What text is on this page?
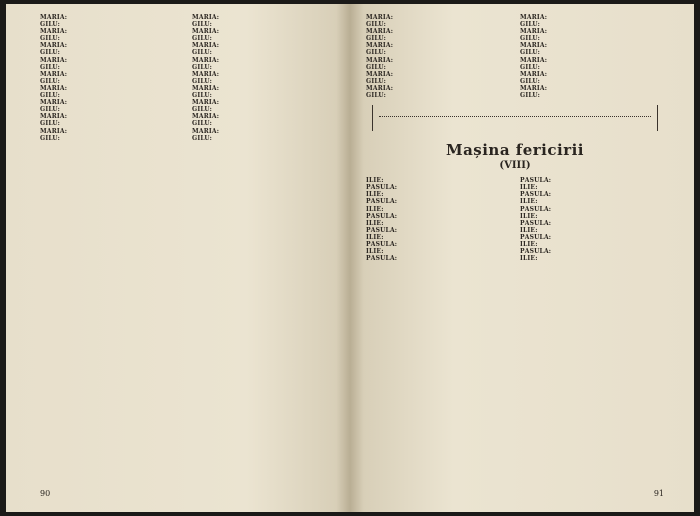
MARIA:
GILU:
MARIA:
GILU:
MARIA:
GILU:
MARIA:
GILU:
MARIA:
GILU:
MARIA:
GILU:
MARIA:
GILU:
MARIA:
GILU:
MARIA:
GILU:
MARIA:
GILU:
MARIA:
GILU:
MARIA:
GILU:
MARIA:
GILU:
MARIA:
GILU:
MARIA:
GILU:
MARIA:
GILU:
MARIA:
GILU:
MARIA:
GILU:
90
MARIA:
GILU:
MARIA:
GILU:
MARIA:
GILU:
MARIA:
GILU:
MARIA:
GILU:
MARIA:
GILU:
MARIA:
GILU:
MARIA:
GILU:
MARIA:
GILU:
MARIA:
GILU:
MARIA:
GILU:
MARIA:
GILU:
Mașina fericirii
(VIII)
ILIE:
PĂSULA:
ILIE:
PĂSULA:
ILIE:
PĂSULA:
ILIE:
PĂSULA:
ILIE:
PĂSULA:
ILIE:
PĂSULA:
PĂSULA:
ILIE:
PĂSULA:
ILIE:
PĂSULA:
ILIE:
PĂSULA:
ILIE:
PĂSULA:
ILIE:
PĂSULA:
ILIE:
91
